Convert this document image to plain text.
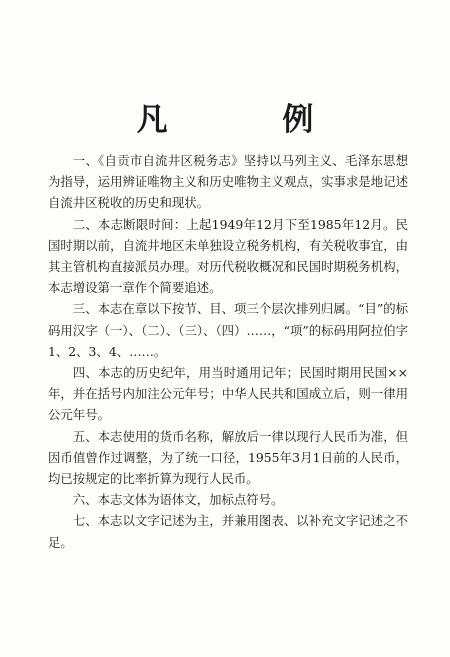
凡 例

一、《自贡市自流井区税务志》坚持以马列主义、毛泽东思想为指导，运用辨证唯物主义和历史唯物主义观点，实事求是地记述自流井区税收的历史和现状。

二、本志断限时间：上起1949年12月下至1985年12月。民国时期以前，自流井地区未单独设立税务机构，有关税收事宜，由其主管机构直接派员办理。对历代税收概况和民国时期税务机构，本志增设第一章作个简要追述。

三、本志在章以下按节、目、项三个层次排列归属。“目”的标码用汉字（一）、（二）、（三）、（四）……，“项”的标码用阿拉伯字1、2、3、4、……。

四、本志的历史纪年，用当时通用记年；民国时期用民国××年，并在括号内加注公元年号；中华人民共和国成立后，则一律用公元年号。

五、本志使用的货币名称，解放后一律以现行人民币为准，但因币值曾作过调整，为了统一口径，1955年3月1日前的人民币，均已按规定的比率折算为现行人民币。

六、本志文体为语体文，加标点符号。

七、本志以文字记述为主，并兼用图表、以补充文字记述之不足。
